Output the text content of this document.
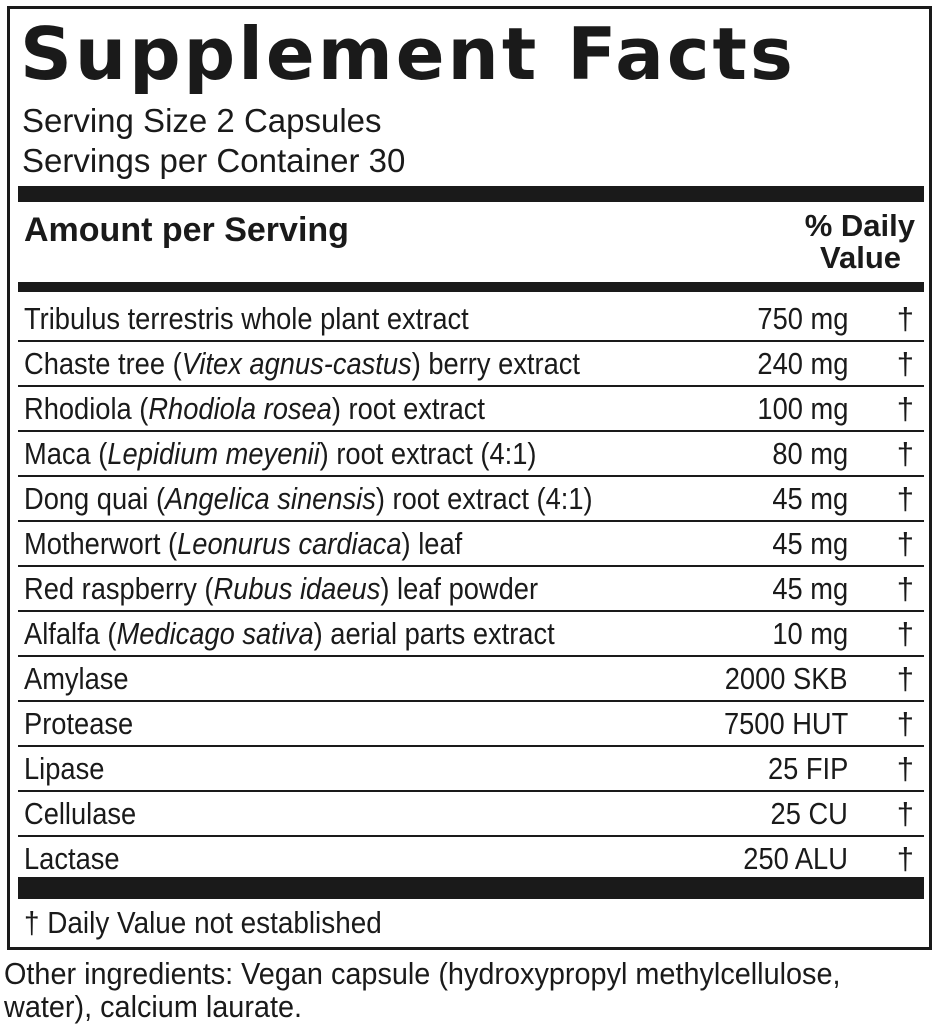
Supplement Facts
Serving Size 2 Capsules
Servings per Container 30
Amount per Serving	% Daily
Value
Tribulus terrestris whole plant extract	750 mg †
Chaste tree (Vitex agnus-castus) berry extract	240 mg †
Rhodiola (Rhodiola rosea) root extract	100 mg †
Maca (Lepidium meyenii) root extract (4:1)	80 mg †
Dong quai (Angelica sinensis) root extract (4:1)	45 mg †
Motherwort (Leonurus cardiaca) leaf	45 mg †
Red raspberry (Rubus idaeus) leaf powder	45 mg †
Alfalfa (Medicago sativa) aerial parts extract	10 mg †
Amylase	2000 SKB †
Protease	7500 HUT †
Lipase	25 FIP †
Cellulase	25 CU †
Lactase	250 ALU †
† Daily Value not established
Other ingredients: Vegan capsule (hydroxypropyl methylcellulose, water), calcium laurate.
